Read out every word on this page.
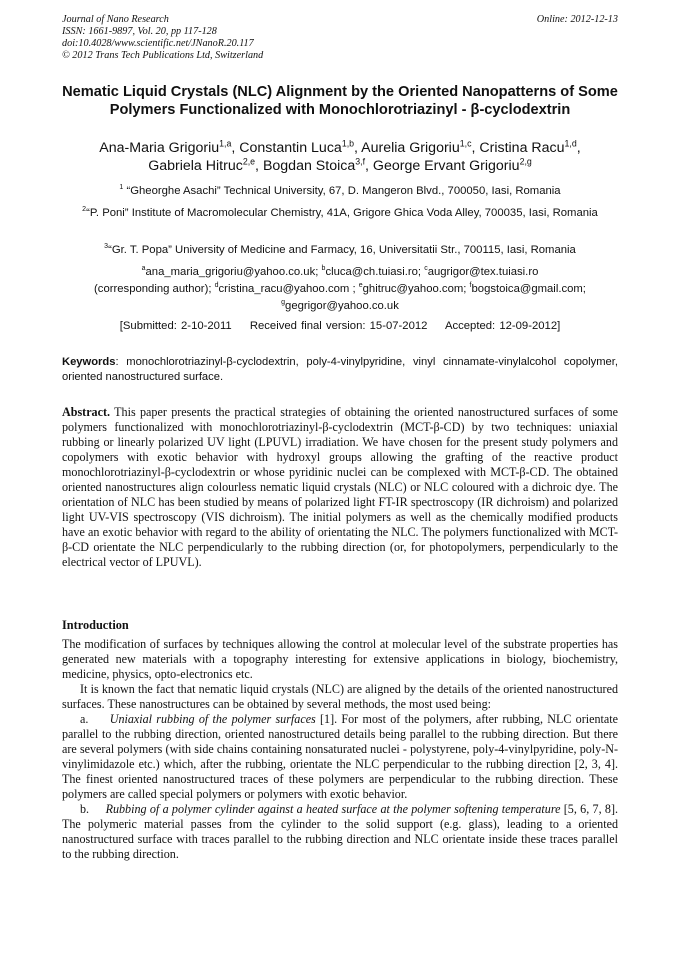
Journal of Nano Research
ISSN: 1661-9897, Vol. 20, pp 117-128
doi:10.4028/www.scientific.net/JNanoR.20.117
© 2012 Trans Tech Publications Ltd, Switzerland
Online: 2012-12-13
Nematic Liquid Crystals (NLC) Alignment by the Oriented Nanopatterns of Some Polymers Functionalized with Monochlorotriazinyl - β-cyclodextrin
Ana-Maria Grigoriu$^{1,a}$, Constantin Luca$^{1,b}$, Aurelia Grigoriu$^{1,c}$, Cristina Racu$^{1,d}$,
Gabriela Hitruc$^{2,e}$, Bogdan Stoica$^{3,f}$, George Ervant Grigoriu$^{2,g}$
$^1$ “Gheorghe Asachi” Technical University, 67, D. Mangeron Blvd., 700050, Iasi, Romania
$^2$“P. Poni” Institute of Macromolecular Chemistry, 41A, Grigore Ghica Voda Alley, 700035, Iasi, Romania
$^3$“Gr. T. Popa” University of Medicine and Farmacy, 16, Universitatii Str., 700115, Iasi, Romania
$^a$ana_maria_grigoriu@yahoo.co.uk; $^b$cluca@ch.tuiasi.ro; $^c$augrigor@tex.tuiasi.ro
(corresponding author); $^d$cristina_racu@yahoo.com ; $^e$ghitruc@yahoo.com; $^f$bogstoica@gmail.com;
$^g$gegrigor@yahoo.co.uk
[Submitted: 2-10-2011 Received final version: 15-07-2012 Accepted: 12-09-2012]
Keywords: monochlorotriazinyl-β-cyclodextrin, poly-4-vinylpyridine, vinyl cinnamate-vinylalcohol copolymer, oriented nanostructured surface.
Abstract. This paper presents the practical strategies of obtaining the oriented nanostructured surfaces of some polymers functionalized with monochlorotriazinyl-β-cyclodextrin (MCT-β-CD) by two techniques: uniaxial rubbing or linearly polarized UV light (LPUVL) irradiation. We have chosen for the present study polymers and copolymers with exotic behavior with hydroxyl groups allowing the grafting of the reactive product monochlorotriazinyl-β-cyclodextrin or whose pyridinic nuclei can be complexed with MCT-β-CD. The obtained oriented nanostructures align colourless nematic liquid crystals (NLC) or NLC coloured with a dichroic dye. The orientation of NLC has been studied by means of polarized light FT-IR spectroscopy (IR dichroism) and polarized light UV-VIS spectroscopy (VIS dichroism). The initial polymers as well as the chemically modified products have an exotic behavior with regard to the ability of orientating the NLC. The polymers functionalized with MCT-β-CD orientate the NLC perpendicularly to the rubbing direction (or, for photopolymers, perpendicularly to the electrical vector of LPUVL).
Introduction

The modification of surfaces by techniques allowing the control at molecular level of the substrate properties has generated new materials with a topography interesting for extensive applications in biology, biochemistry, medicine, physics, opto-electronics etc.

It is known the fact that nematic liquid crystals (NLC) are aligned by the details of the oriented nanostructured surfaces. These nanostructures can be obtained by several methods, the most used being:

a. Uniaxial rubbing of the polymer surfaces [1]. For most of the polymers, after rubbing, NLC orientate parallel to the rubbing direction, oriented nanostructured details being parallel to the rubbing direction. But there are several polymers (with side chains containing nonsaturated nuclei - polystyrene, poly-4-vinylpyridine, poly-N-vinylimidazole etc.) which, after the rubbing, orientate the NLC perpendicular to the rubbing direction [2, 3, 4]. The finest oriented nanostructured traces of these polymers are perpendicular to the rubbing direction. These polymers are called special polymers or polymers with exotic behavior.

b. Rubbing of a polymer cylinder against a heated surface at the polymer softening temperature [5, 6, 7, 8]. The polymeric material passes from the cylinder to the solid support (e.g. glass), leading to a oriented nanostructured surface with traces parallel to the rubbing direction and NLC orientate inside these traces parallel to the rubbing direction.
